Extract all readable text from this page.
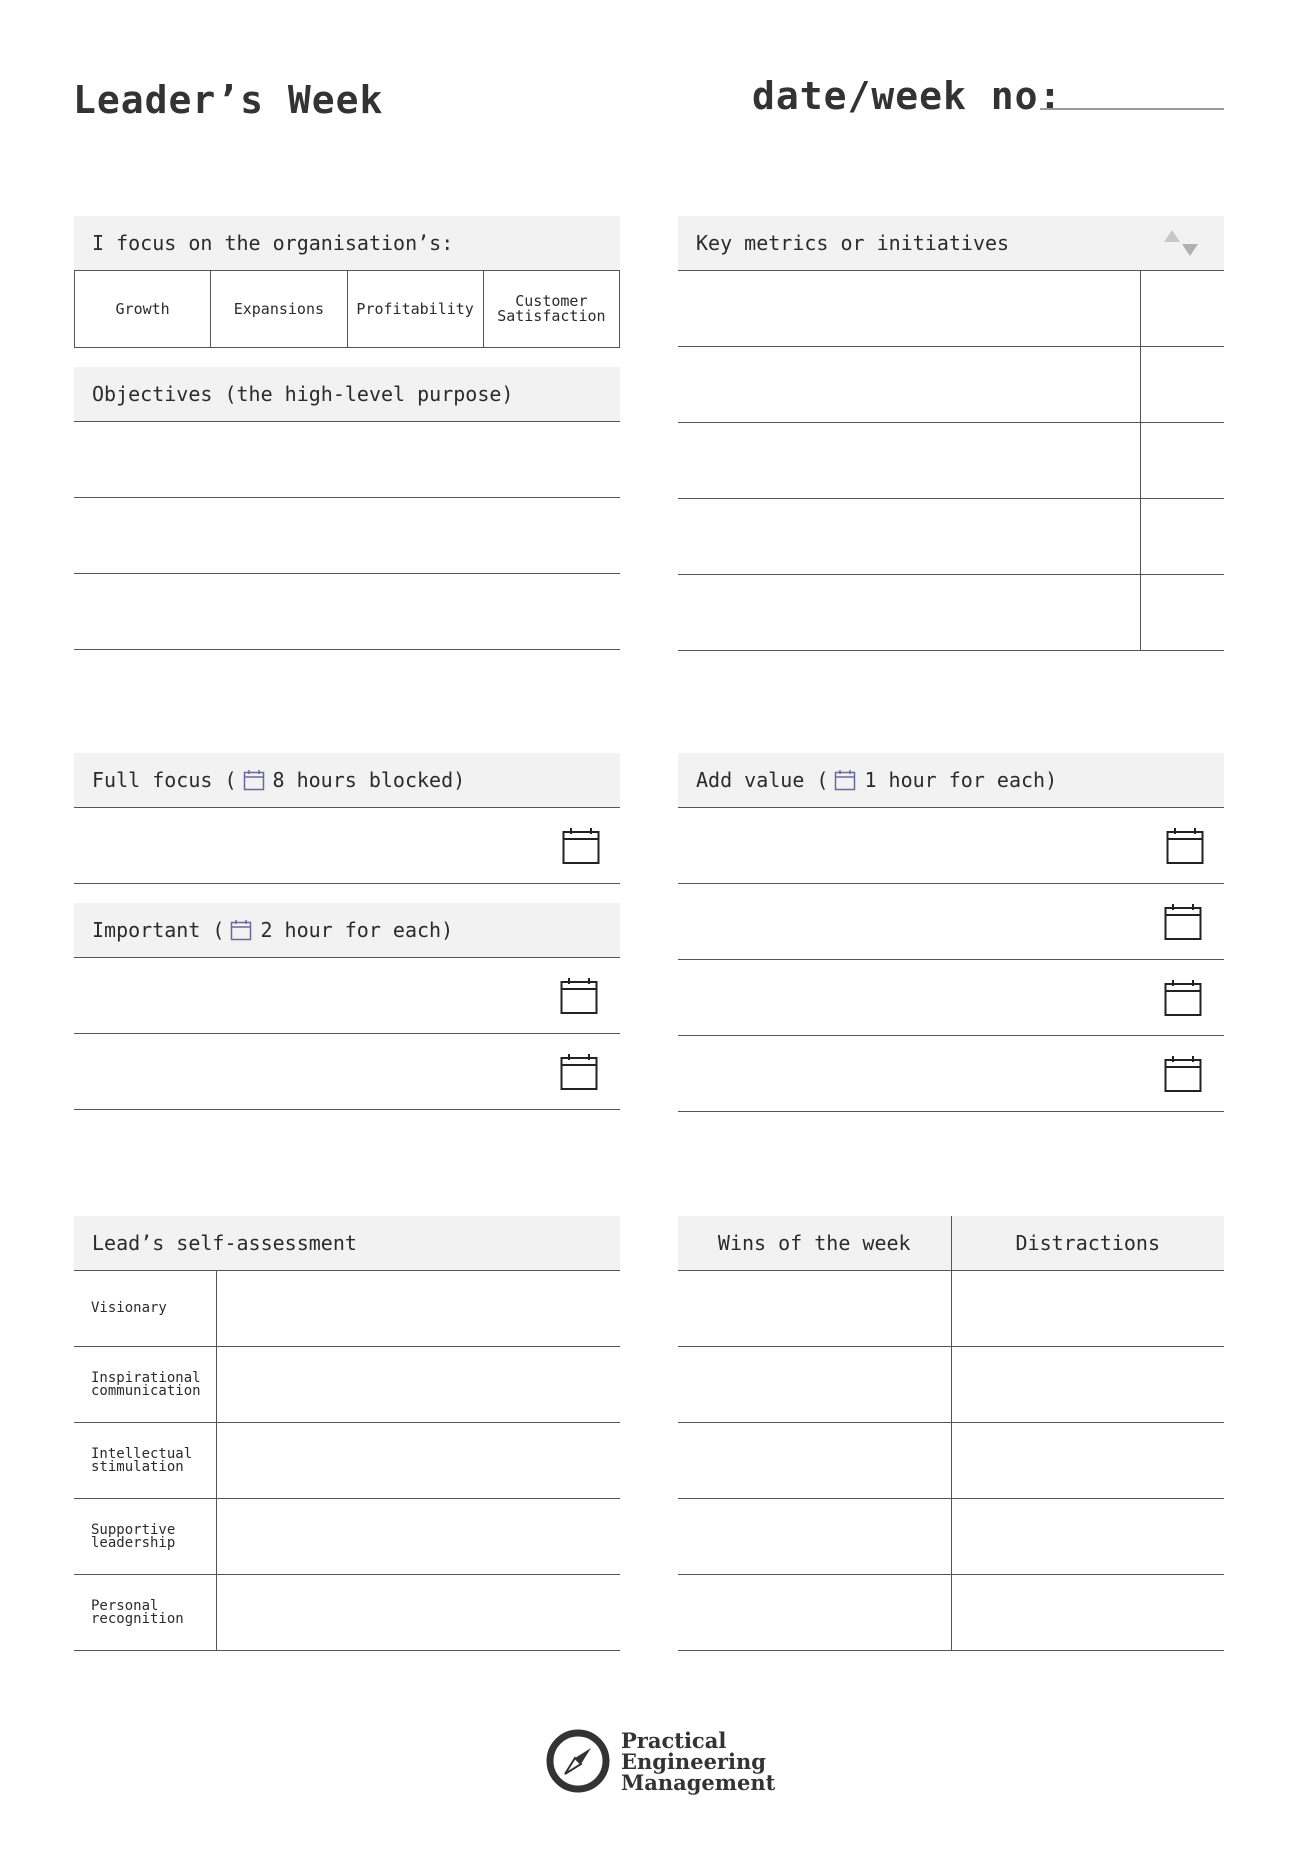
Leader’s Week	date/week no:
I focus on the organisation’s:
Growth	Expansions	Profitability	Customer Satisfaction
Objectives (the high-level purpose)
Key metrics or initiatives
Full focus ( 8 hours blocked)
Important ( 2 hour for each)
Add value ( 1 hour for each)
Lead’s self-assessment
Visionary
Inspirational communication
Intellectual stimulation
Supportive leadership
Personal recognition
Wins of the week	Distractions
Practical
Engineering
Management
